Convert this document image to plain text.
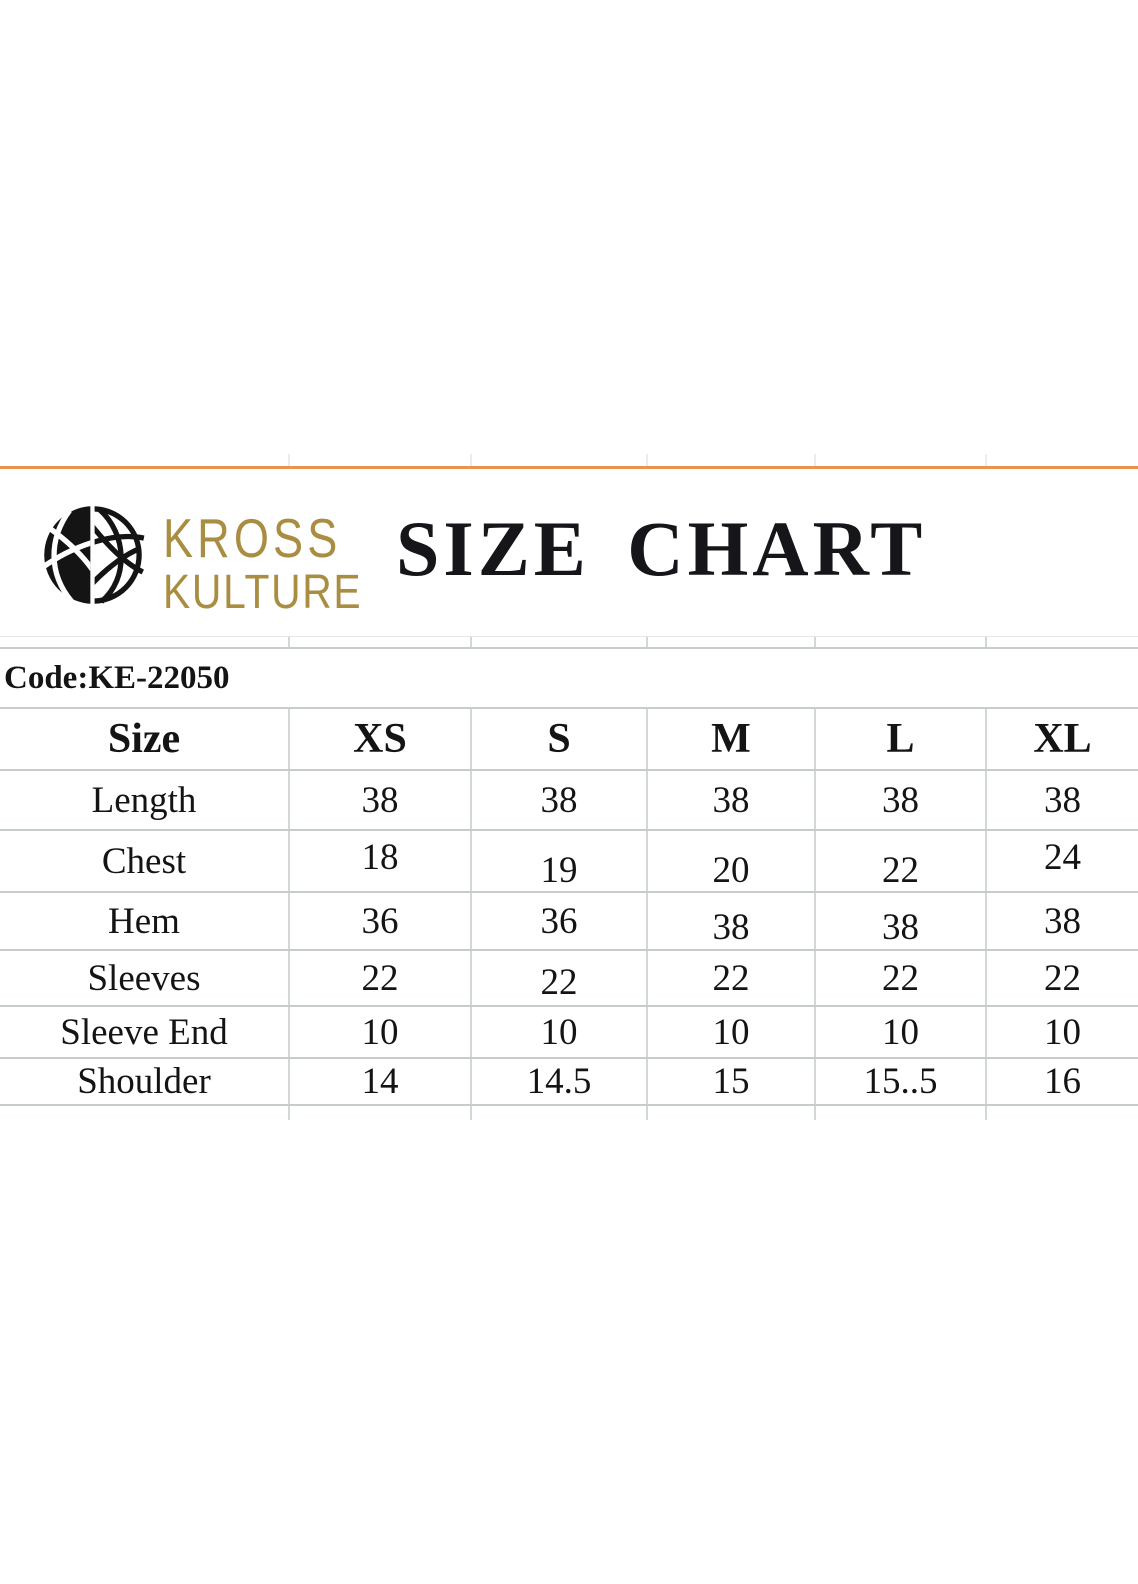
KROSS
KULTURE
SIZE CHART
Code:KE-22050
Size	XS	S	M	L	XL
Length	38	38	38	38	38
Chest	18	19	20	22	24
Hem	36	36	38	38	38
Sleeves	22	22	22	22	22
Sleeve End	10	10	10	10	10
Shoulder	14	14.5	15	15..5	16
